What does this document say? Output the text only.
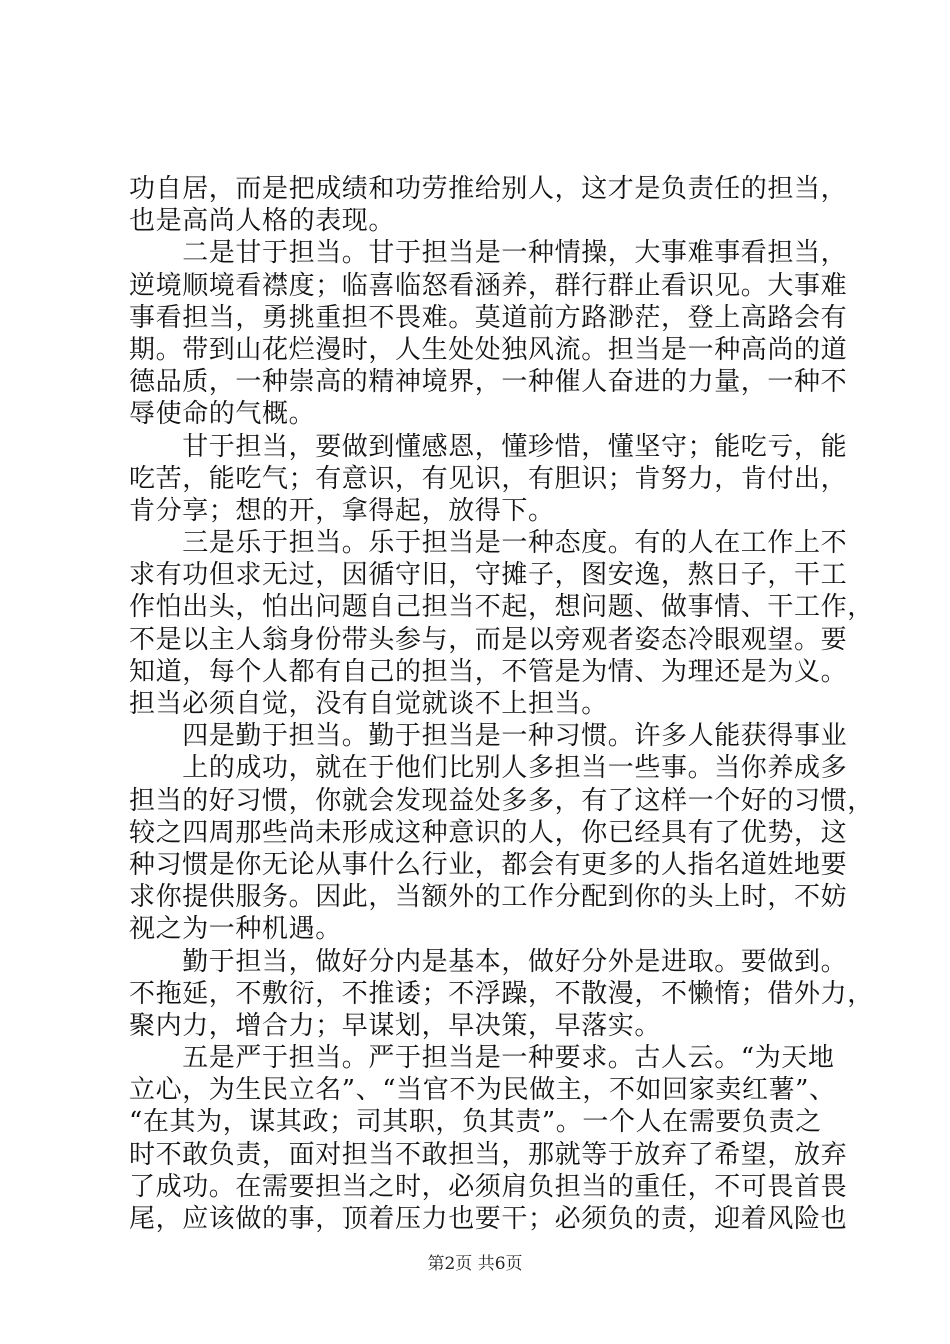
功自居，而是把成绩和功劳推给别人，这才是负责任的担当，
也是高尚人格的表现。
　　二是甘于担当。甘于担当是一种情操，大事难事看担当，
逆境顺境看襟度；临喜临怒看涵养，群行群止看识见。大事难
事看担当，勇挑重担不畏难。莫道前方路渺茫，登上高路会有
期。带到山花烂漫时，人生处处独风流。担当是一种高尚的道
德品质，一种崇高的精神境界，一种催人奋进的力量，一种不
辱使命的气概。
　　甘于担当，要做到懂感恩，懂珍惜，懂坚守；能吃亏，能
吃苦，能吃气；有意识，有见识，有胆识；肯努力，肯付出，
肯分享；想的开，拿得起，放得下。
　　三是乐于担当。乐于担当是一种态度。有的人在工作上不
求有功但求无过，因循守旧，守摊子，图安逸，熬日子，干工
作怕出头，怕出问题自己担当不起，想问题、做事情、干工作，
不是以主人翁身份带头参与，而是以旁观者姿态冷眼观望。要
知道，每个人都有自己的担当，不管是为情、为理还是为义。
担当必须自觉，没有自觉就谈不上担当。
　　四是勤于担当。勤于担当是一种习惯。许多人能获得事业
　　上的成功，就在于他们比别人多担当一些事。当你养成多
担当的好习惯，你就会发现益处多多，有了这样一个好的习惯，
较之四周那些尚未形成这种意识的人，你已经具有了优势，这
种习惯是你无论从事什么行业，都会有更多的人指名道姓地要
求你提供服务。因此，当额外的工作分配到你的头上时，不妨
视之为一种机遇。
　　勤于担当，做好分内是基本，做好分外是进取。要做到。
不拖延，不敷衍，不推诿；不浮躁，不散漫，不懒惰；借外力，
聚内力，增合力；早谋划，早决策，早落实。
　　五是严于担当。严于担当是一种要求。古人云。“为天地
立心，为生民立名”、“当官不为民做主，不如回家卖红薯”、
“在其为，谋其政；司其职，负其责”。一个人在需要负责之
时不敢负责，面对担当不敢担当，那就等于放弃了希望，放弃
了成功。在需要担当之时，必须肩负担当的重任，不可畏首畏
尾，应该做的事，顶着压力也要干；必须负的责，迎着风险也
第2页 共6页
